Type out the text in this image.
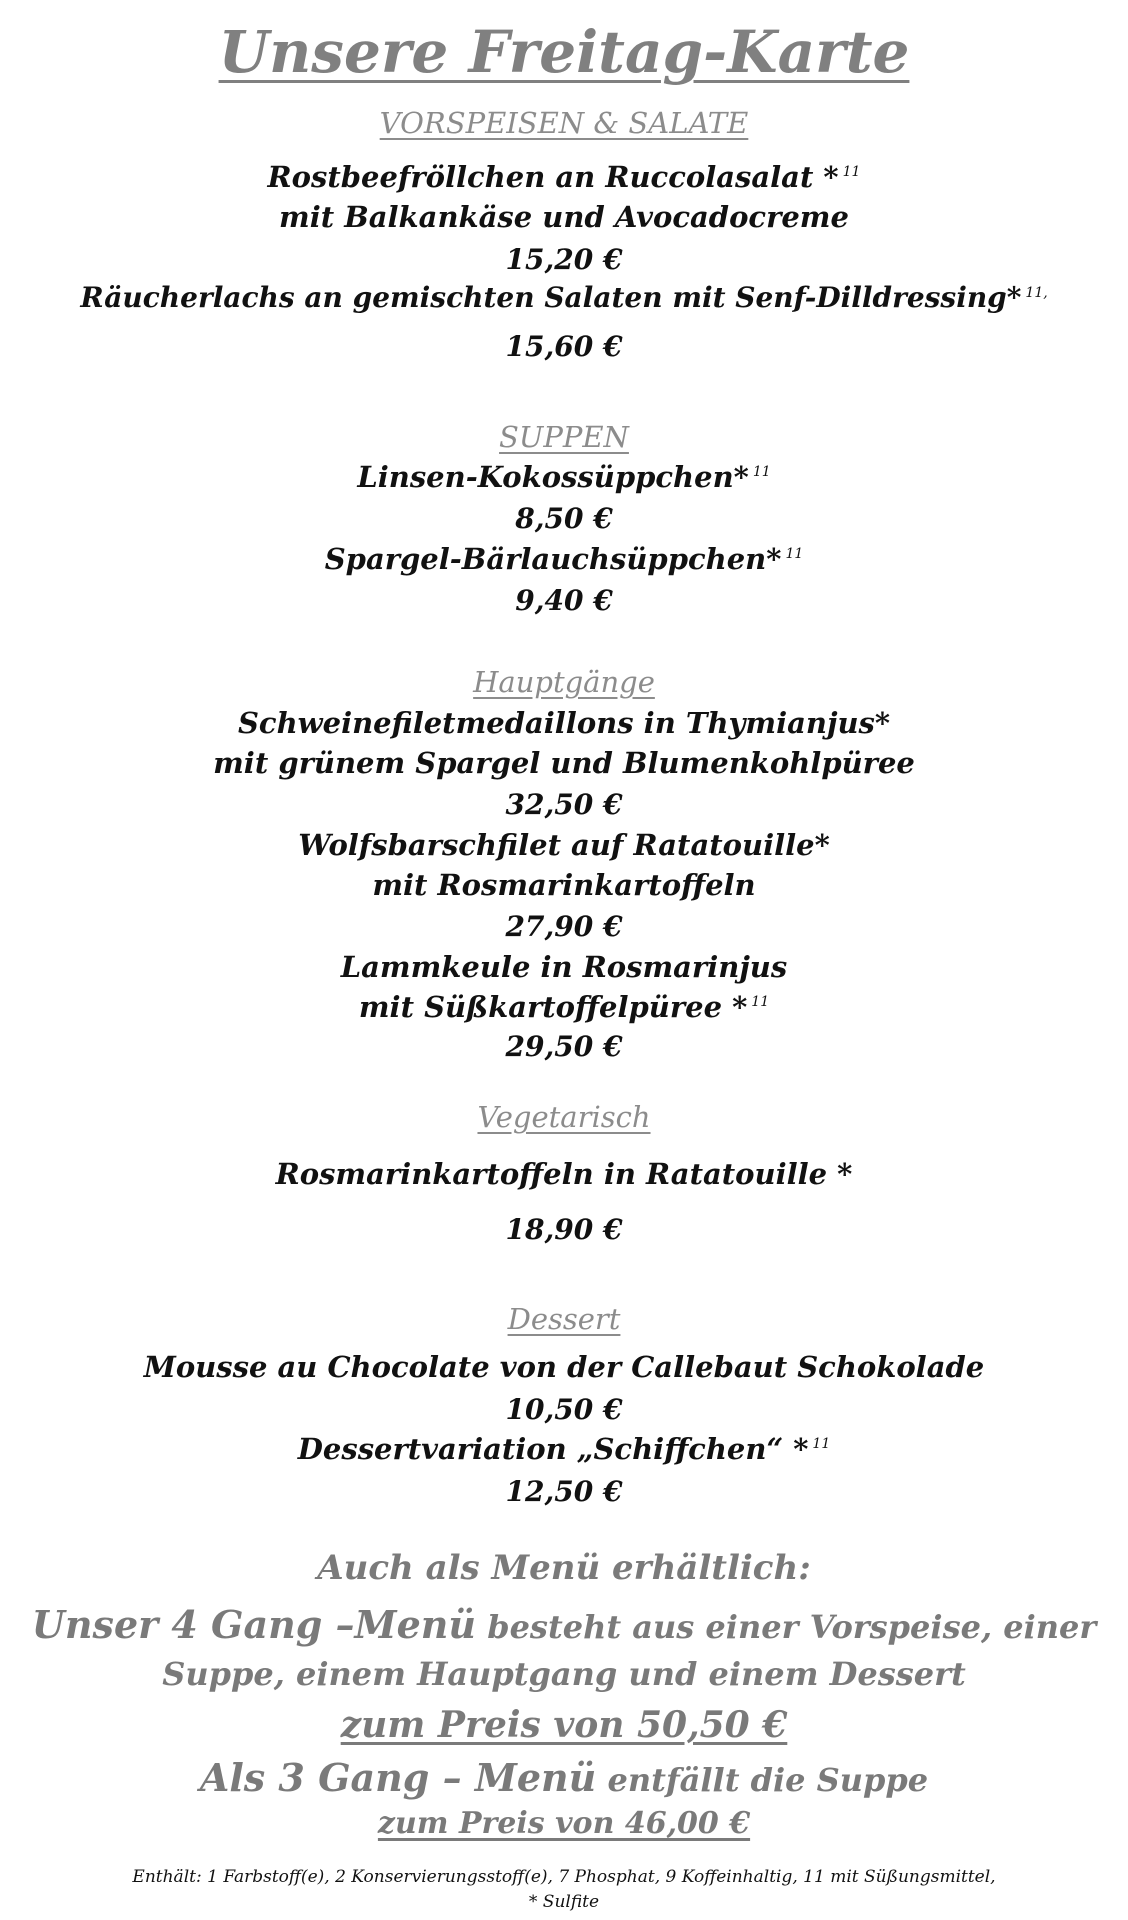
Unsere Freitag-Karte
VORSPEISEN & SALATE
Rostbeefröllchen an Ruccolasalat * $^{11}$
mit Balkankäse und Avocadocreme
15,20 €
Räucherlachs an gemischten Salaten mit Senf-Dilldressing* $^{11,}$
15,60 €
SUPPEN
Linsen-Kokossüppchen* $^{11}$
8,50 €
Spargel-Bärlauchsüppchen* $^{11}$
9,40 €
Hauptgänge
Schweinefiletmedaillons in Thymianjus*
mit grünem Spargel und Blumenkohlpüree
32,50 €
Wolfsbarschfilet auf Ratatouille*
mit Rosmarinkartoffeln
27,90 €
Lammkeule in Rosmarinjus
mit Süßkartoffelpüree * $^{11}$
29,50 €
Vegetarisch
Rosmarinkartoffeln in Ratatouille *
18,90 €
Dessert
Mousse au Chocolate von der Callebaut Schokolade
10,50 €
Dessertvariation „Schiffchen“ * $^{11}$
12,50 €
Auch als Menü erhältlich:
Unser 4 Gang –Menü besteht aus einer Vorspeise, einer
Suppe, einem Hauptgang und einem Dessert
zum Preis von 50,50 €
Als 3 Gang – Menü entfällt die Suppe
zum Preis von 46,00 €
Enthält: 1 Farbstoff(e), 2 Konservierungsstoff(e), 7 Phosphat, 9 Koffeinhaltig, 11 mit Süßungsmittel,
* Sulfite
